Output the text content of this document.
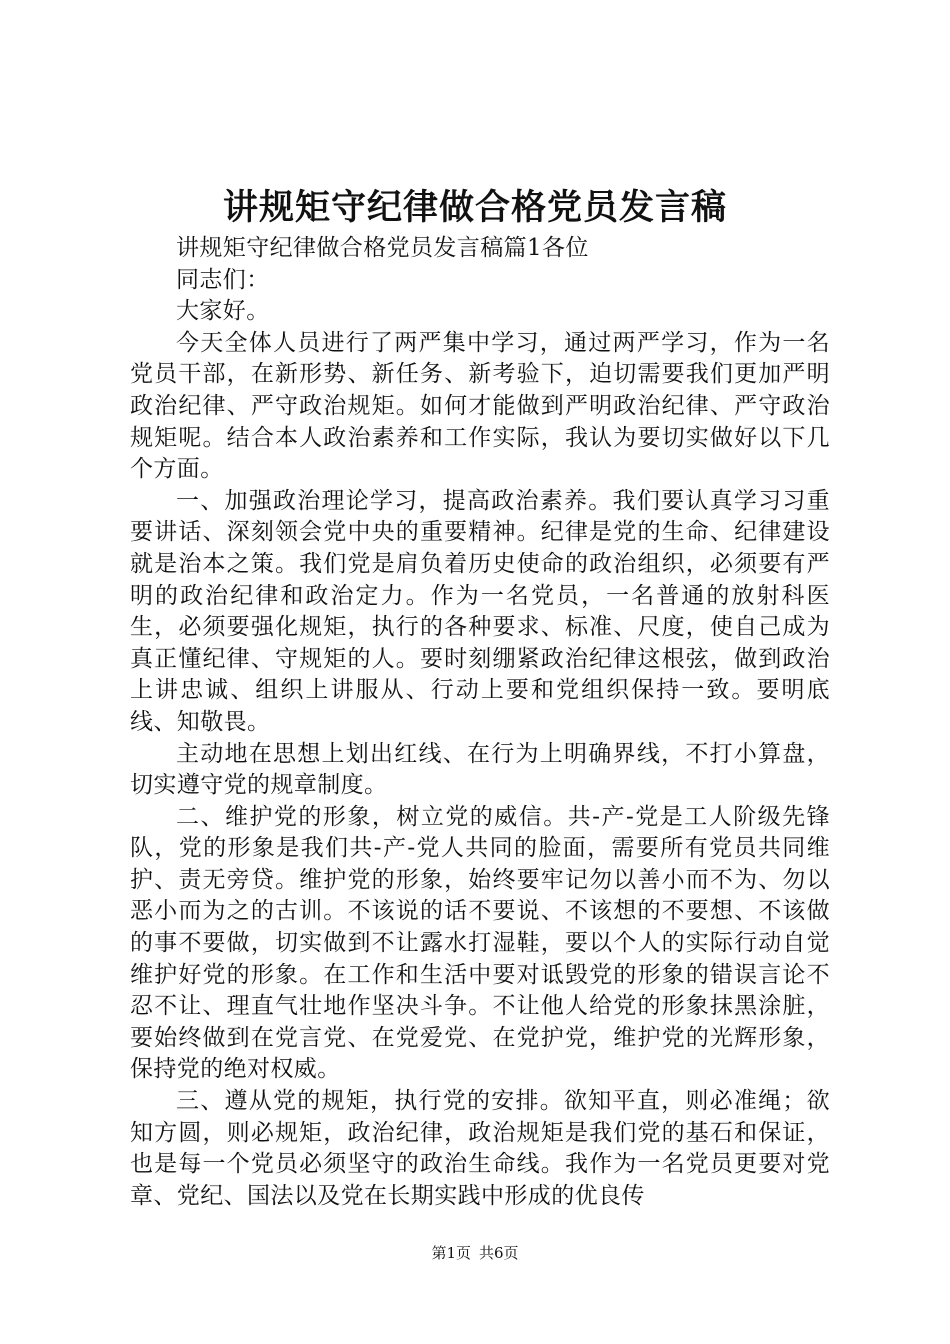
讲规矩守纪律做合格党员发言稿

讲规矩守纪律做合格党员发言稿篇1各位

同志们：

大家好。

今天全体人员进行了两严集中学习，通过两严学习，作为一名党员干部，在新形势、新任务、新考验下，迫切需要我们更加严明政治纪律、严守政治规矩。如何才能做到严明政治纪律、严守政治规矩呢。结合本人政治素养和工作实际，我认为要切实做好以下几个方面。

一、加强政治理论学习，提高政治素养。我们要认真学习习重要讲话、深刻领会党中央的重要精神。纪律是党的生命、纪律建设就是治本之策。我们党是肩负着历史使命的政治组织，必须要有严明的政治纪律和政治定力。作为一名党员，一名普通的放射科医生，必须要强化规矩，执行的各种要求、标准、尺度，使自己成为真正懂纪律、守规矩的人。要时刻绷紧政治纪律这根弦，做到政治上讲忠诚、组织上讲服从、行动上要和党组织保持一致。要明底线、知敬畏。

主动地在思想上划出红线、在行为上明确界线，不打小算盘，切实遵守党的规章制度。

二、维护党的形象，树立党的威信。共-产-党是工人阶级先锋队，党的形象是我们共-产-党人共同的脸面，需要所有党员共同维护、责无旁贷。维护党的形象，始终要牢记勿以善小而不为、勿以恶小而为之的古训。不该说的话不要说、不该想的不要想、不该做的事不要做，切实做到不让露水打湿鞋，要以个人的实际行动自觉维护好党的形象。在工作和生活中要对诋毁党的形象的错误言论不忍不让、理直气壮地作坚决斗争。不让他人给党的形象抹黑涂脏，要始终做到在党言党、在党爱党、在党护党，维护党的光辉形象，保持党的绝对权威。

三、遵从党的规矩，执行党的安排。欲知平直，则必准绳；欲知方圆，则必规矩，政治纪律，政治规矩是我们党的基石和保证，也是每一个党员必须坚守的政治生命线。我作为一名党员更要对党章、党纪、国法以及党在长期实践中形成的优良传

第1页 共6页
